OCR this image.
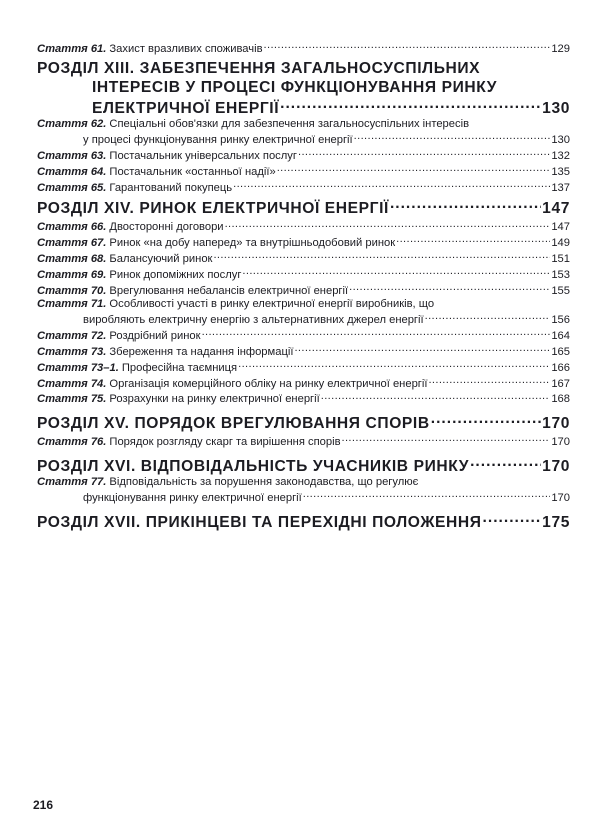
Стаття 61. Захист вразливих споживачів .....	129
РОЗДІЛ XIII. ЗАБЕЗПЕЧЕННЯ ЗАГАЛЬНОСУСПІЛЬНИХ
ІНТЕРЕСІВ У ПРОЦЕСІ ФУНКЦІОНУВАННЯ РИНКУ
ЕЛЕКТРИЧНОЇ ЕНЕРГІЇ .....	130
Стаття 62. Спеціальні обов'язки для забезпечення загальносуспільних інтересів
у процесі функціонування ринку електричної енергії .....	130
Стаття 63. Постачальник універсальних послуг .....	132
Стаття 64. Постачальник «останньої надії» .....	135
Стаття 65. Гарантований покупець .....	137
РОЗДІЛ XIV. РИНОК ЕЛЕКТРИЧНОЇ ЕНЕРГІЇ .....	147
Стаття 66. Двосторонні договори .....	147
Стаття 67. Ринок «на добу наперед» та внутрішньодобовий ринок .....	149
Стаття 68. Балансуючий ринок .....	151
Стаття 69. Ринок допоміжних послуг .....	153
Стаття 70. Врегулювання небалансів електричної енергії .....	155
Стаття 71. Особливості участі в ринку електричної енергії виробників, що
виробляють електричну енергію з альтернативних джерел енергії .....	156
Стаття 72. Роздрібний ринок .....	164
Стаття 73. Збереження та надання інформації .....	165
Стаття 73–1. Професійна таємниця .....	166
Стаття 74. Організація комерційного обліку на ринку електричної енергії .....	167
Стаття 75. Розрахунки на ринку електричної енергії .....	168
РОЗДІЛ XV. ПОРЯДОК ВРЕГУЛЮВАННЯ СПОРІВ .....	170
Стаття 76. Порядок розгляду скарг та вирішення спорів .....	170
РОЗДІЛ XVI. ВІДПОВІДАЛЬНІСТЬ УЧАСНИКІВ РИНКУ .....	170
Стаття 77. Відповідальність за порушення законодавства, що регулює
функціонування ринку електричної енергії .....	170
РОЗДІЛ XVII. ПРИКІНЦЕВІ ТА ПЕРЕХІДНІ ПОЛОЖЕННЯ .....	175
216
